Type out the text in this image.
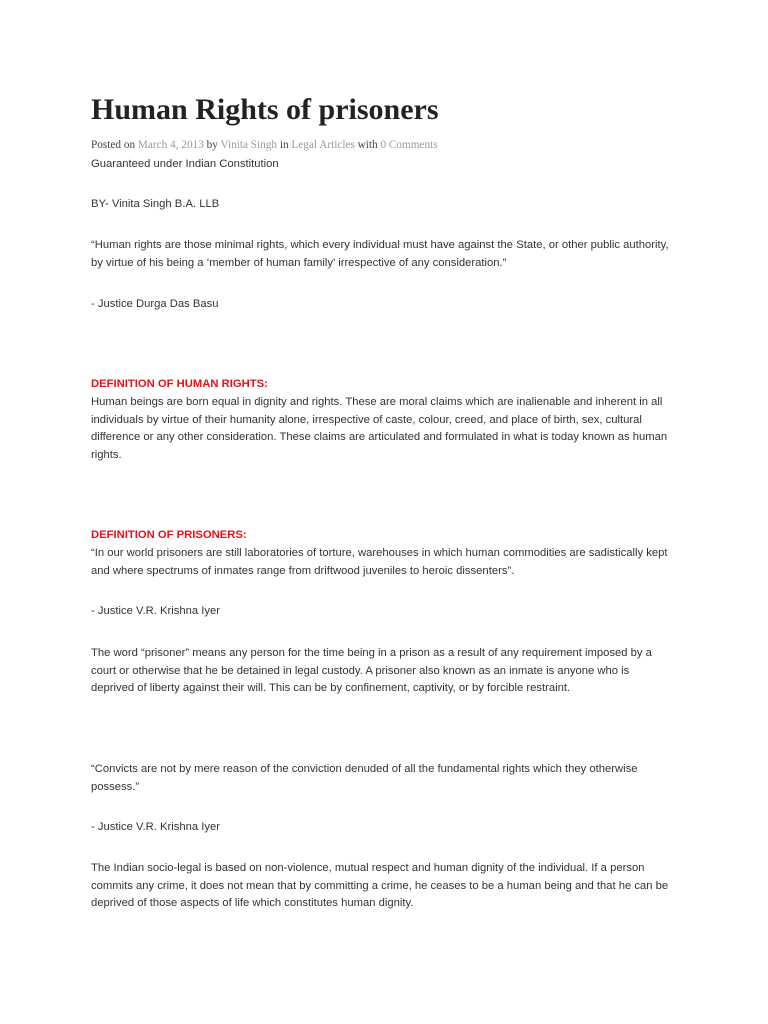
Human Rights of prisoners
Posted on March 4, 2013 by Vinita Singh in Legal Articles with 0 Comments
Guaranteed under Indian Constitution
BY- Vinita Singh B.A. LLB
“Human rights are those minimal rights, which every individual must have against the State, or other public authority,
by virtue of his being a ‘member of human family’ irrespective of any consideration.”
- Justice Durga Das Basu
DEFINITION OF HUMAN RIGHTS:
Human beings are born equal in dignity and rights. These are moral claims which are inalienable and inherent in all
individuals by virtue of their humanity alone, irrespective of caste, colour, creed, and place of birth, sex, cultural
difference or any other consideration. These claims are articulated and formulated in what is today known as human
rights.
DEFINITION OF PRISONERS:
“In our world prisoners are still laboratories of torture, warehouses in which human commodities are sadistically kept
and where spectrums of inmates range from driftwood juveniles to heroic dissenters”.
- Justice V.R. Krishna Iyer
The word “prisoner” means any person for the time being in a prison as a result of any requirement imposed by a
court or otherwise that he be detained in legal custody. A prisoner also known as an inmate is anyone who is
deprived of liberty against their will. This can be by confinement, captivity, or by forcible restraint.
“Convicts are not by mere reason of the conviction denuded of all the fundamental rights which they otherwise
possess.”
- Justice V.R. Krishna Iyer
The Indian socio-legal is based on non-violence, mutual respect and human dignity of the individual. If a person
commits any crime, it does not mean that by committing a crime, he ceases to be a human being and that he can be
deprived of those aspects of life which constitutes human dignity.
